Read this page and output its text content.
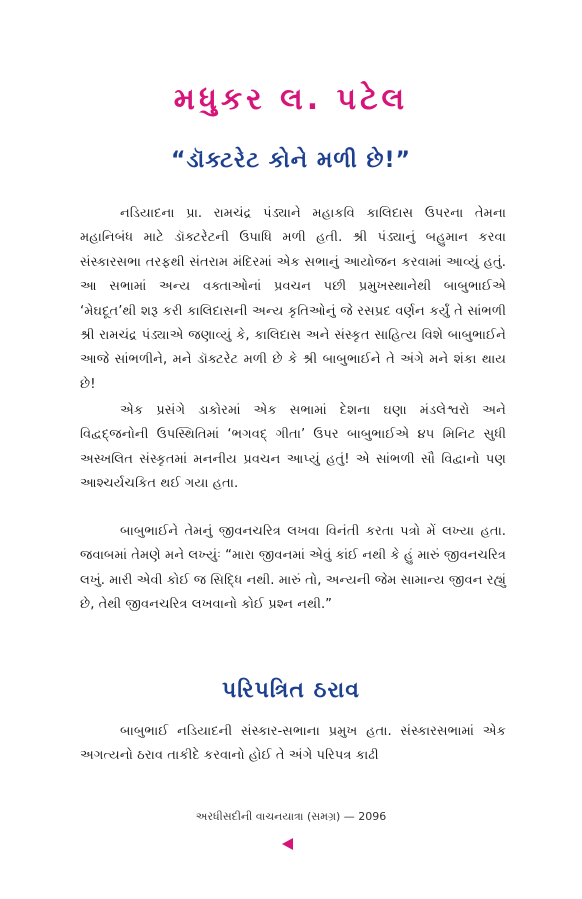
મધુકર લ. પટેલ
“ડૉક્ટરેટ કોને મળી છે!”

નડિયાદના પ્રા. રામચંદ્ર પંડ્યાને મહાકવિ કાલિદાસ ઉપરના તેમના મહાનિબંધ માટે ડૉક્ટરેટની ઉપાધિ મળી હતી. શ્રી પંડ્યાનું બહુમાન કરવા સંસ્કારસભા તરફથી સંતરામ મંદિરમાં એક સભાનું આયોજન કરવામાં આવ્યું હતું. આ સભામાં અન્ય વક્તાઓનાં પ્રવચન પછી પ્રમુખસ્થાનેથી બાબુભાઈએ ‘મેઘદૂત’થી શરૂ કરી કાલિદાસની અન્ય કૃતિઓનું જે રસપ્રદ વર્ણન કર્યું તે સાંભળી શ્રી રામચંદ્ર પંડ્યાએ જણાવ્યું કે, કાલિદાસ અને સંસ્કૃત સાહિત્ય વિશે બાબુભાઈને આજે સાંભળીને, મને ડૉક્ટરેટ મળી છે કે શ્રી બાબુભાઈને તે અંગે મને શંકા થાય છે!

એક પ્રસંગે ડાકોરમાં એક સભામાં દેશના ઘણા મંડલેશ્વરો અને વિદ્વદ્જનોની ઉપસ્થિતિમાં ‘ભગવદ્ ગીતા’ ઉપર બાબુભાઈએ ૪૫ મિનિટ સુધી અસ્ખલિત સંસ્કૃતમાં મનનીય પ્રવચન આપ્યું હતું! એ સાંભળી સૌ વિદ્વાનો પણ આશ્ચર્યચકિત થઈ ગયા હતા.

બાબુભાઈને તેમનું જીવનચરિત્ર લખવા વિનંતી કરતા પત્રો મેં લખ્યા હતા. જવાબમાં તેમણે મને લખ્યુંઃ “મારા જીવનમાં એવું કાંઈ નથી કે હું મારું જીવનચરિત્ર લખું. મારી એવી કોઈ જ સિદ્ધિ નથી. મારું તો, અન્યની જેમ સામાન્ય જીવન રહ્યું છે, તેથી જીવનચરિત્ર લખવાનો કોઈ પ્રશ્ન નથી.”

પરિપત્રિત ઠરાવ

બાબુભાઈ નડિયાદની સંસ્કાર-સભાના પ્રમુખ હતા. સંસ્કારસભામાં એક અગત્યનો ઠરાવ તાકીદે કરવાનો હોઈ તે અંગે પરિપત્ર કાઢી

અરધીસદીની વાચનયાત્રા (સમગ્ર) — 2096
